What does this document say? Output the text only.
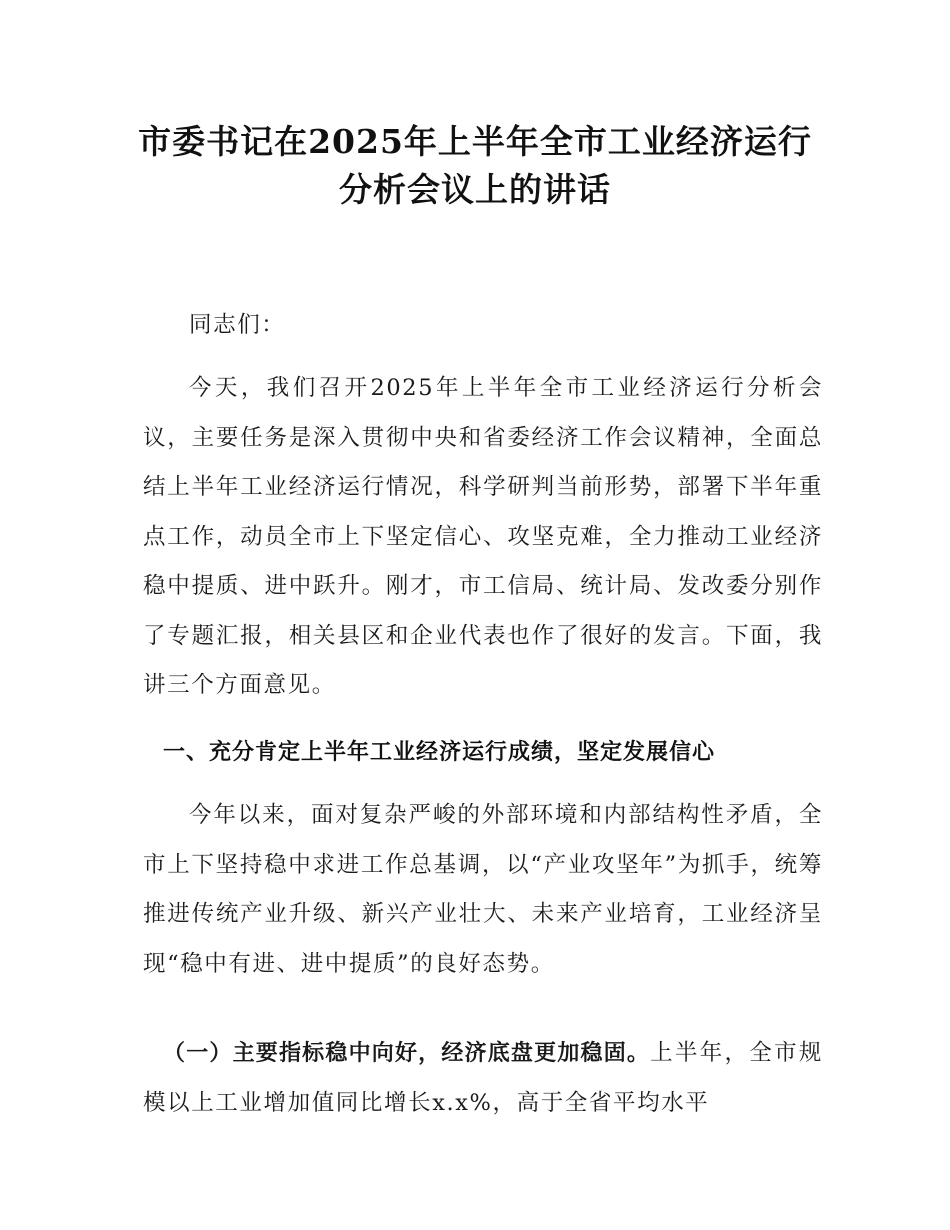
市委书记在2025年上半年全市工业经济运行
分析会议上的讲话

同志们：

今天，我们召开2025年上半年全市工业经济运行分析会议，主要任务是深入贯彻中央和省委经济工作会议精神，全面总结上半年工业经济运行情况，科学研判当前形势，部署下半年重点工作，动员全市上下坚定信心、攻坚克难，全力推动工业经济稳中提质、进中跃升。刚才，市工信局、统计局、发改委分别作了专题汇报，相关县区和企业代表也作了很好的发言。下面，我讲三个方面意见。

一、充分肯定上半年工业经济运行成绩，坚定发展信心

今年以来，面对复杂严峻的外部环境和内部结构性矛盾，全市上下坚持稳中求进工作总基调，以“产业攻坚年”为抓手，统筹推进传统产业升级、新兴产业壮大、未来产业培育，工业经济呈现“稳中有进、进中提质”的良好态势。

（一）主要指标稳中向好，经济底盘更加稳固。上半年，全市规模以上工业增加值同比增长x.x%，高于全省平均水平
